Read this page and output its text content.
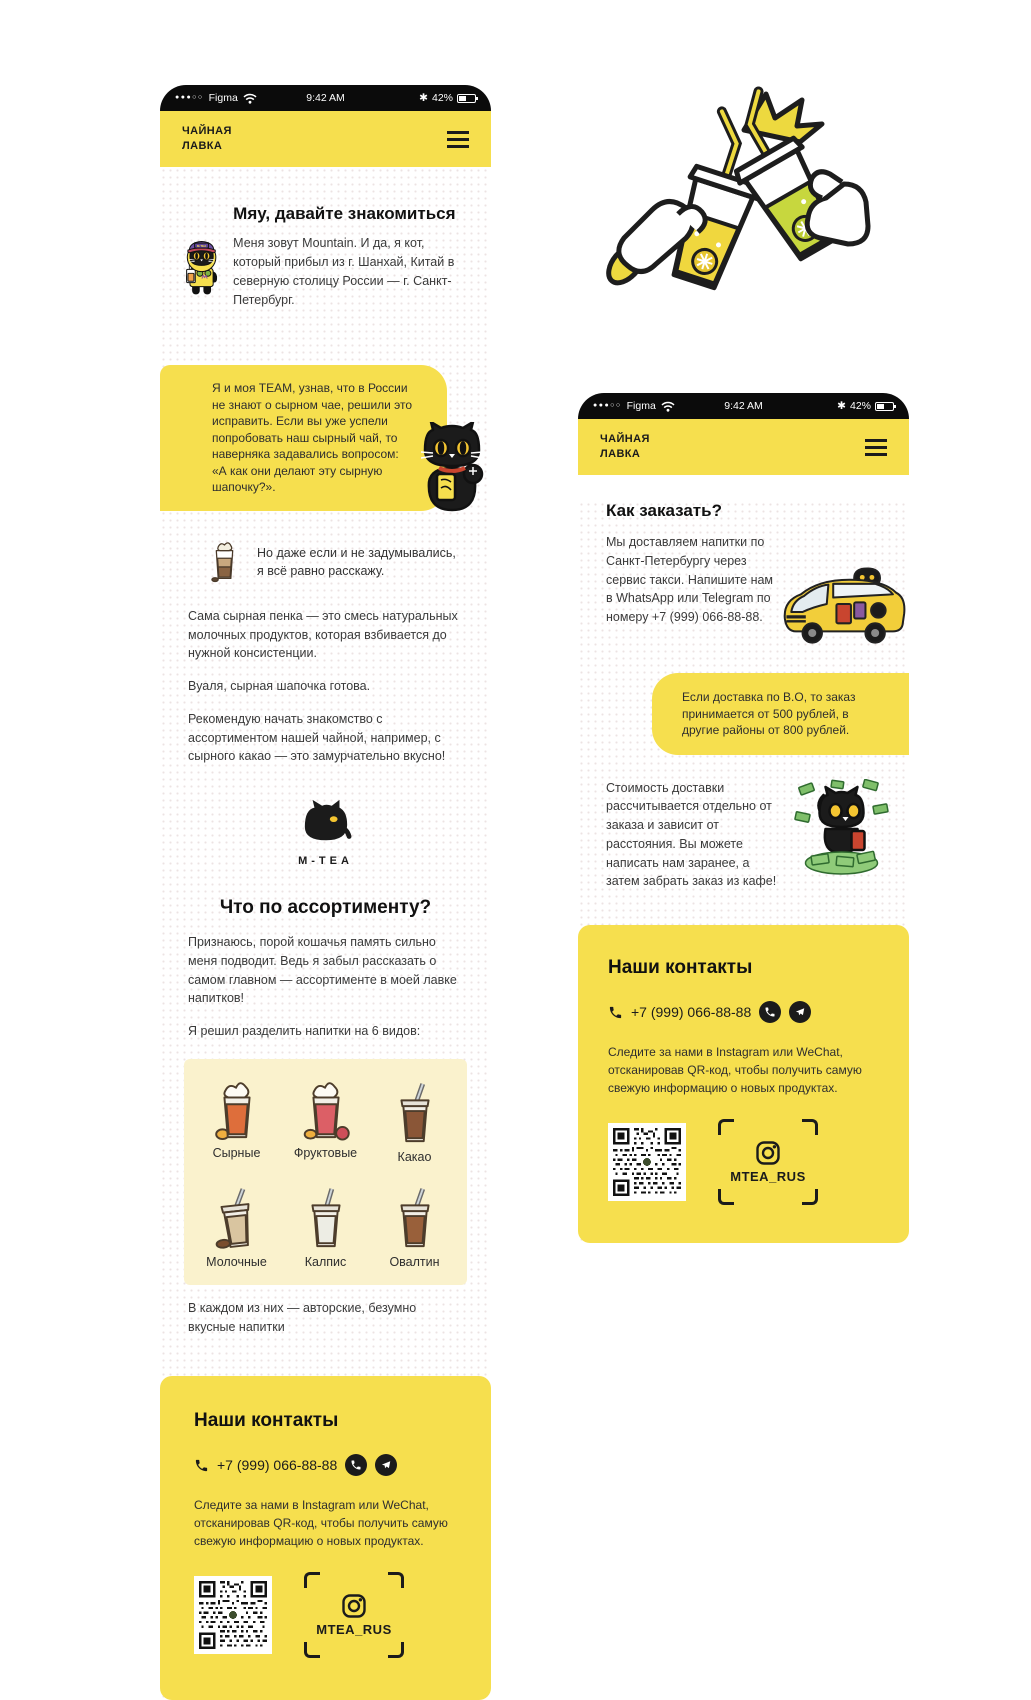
●●●○○ Figma	9:42 AM	✱ 42%
ЧАЙНАЯ
ЛАВКА
M·TEA
Мяу, давайте знакомиться

Меня зовут Mountain. И да, я кот, который прибыл из г. Шанхай, Китай в северную столицу России — г. Санкт-Петербург.

Я и моя TEAM, узнав, что в России не знают о сырном чае, решили это исправить. Если вы уже успели попробовать наш сырный чай, то наверняка задавались вопросом: «А как они делают эту сырную шапочку?».

Но даже если и не задумывались, я всё равно расскажу.

Сама сырная пенка — это смесь натуральных молочных продуктов, которая взбивается до нужной консистенции.

Вуаля, сырная шапочка готова.

Рекомендую начать знакомство с ассортиментом нашей чайной, например, с сырного какао — это замурчательно вкусно!

M-TEA
Что по ассортименту?

Признаюсь, порой кошачья память сильно меня подводит. Ведь я забыл рассказать о самом главном — ассортименте в моей лавке напитков!

Я решил разделить напитки на 6 видов:

Сырные	Фруктовые	Какао
Молочные	Калпис	Овалтин

В каждом из них — авторские, безумно вкусные напитки

Наши контакты
+7 (999) 066-88-88

Следите за нами в Instagram или WeChat, отсканировав QR-код, чтобы получить самую свежую информацию о новых продуктах.

MTEA_RUS
●●●○○ Figma	9:42 AM	✱ 42%
ЧАЙНАЯ
ЛАВКА
Как заказать?

Мы доставляем напитки по Санкт-Петербургу через сервис такси. Напишите нам в WhatsApp или Telegram по номеру +7 (999) 066-88-88.

Если доставка по В.О, то заказ принимается от 500 рублей, в другие районы от 800 рублей.

Стоимость доставки рассчитывается отдельно от заказа и зависит от расстояния. Вы можете написать нам заранее, а затем забрать заказ из кафе!

Наши контакты
+7 (999) 066-88-88

Следите за нами в Instagram или WeChat, отсканировав QR-код, чтобы получить самую свежую информацию о новых продуктах.

MTEA_RUS
